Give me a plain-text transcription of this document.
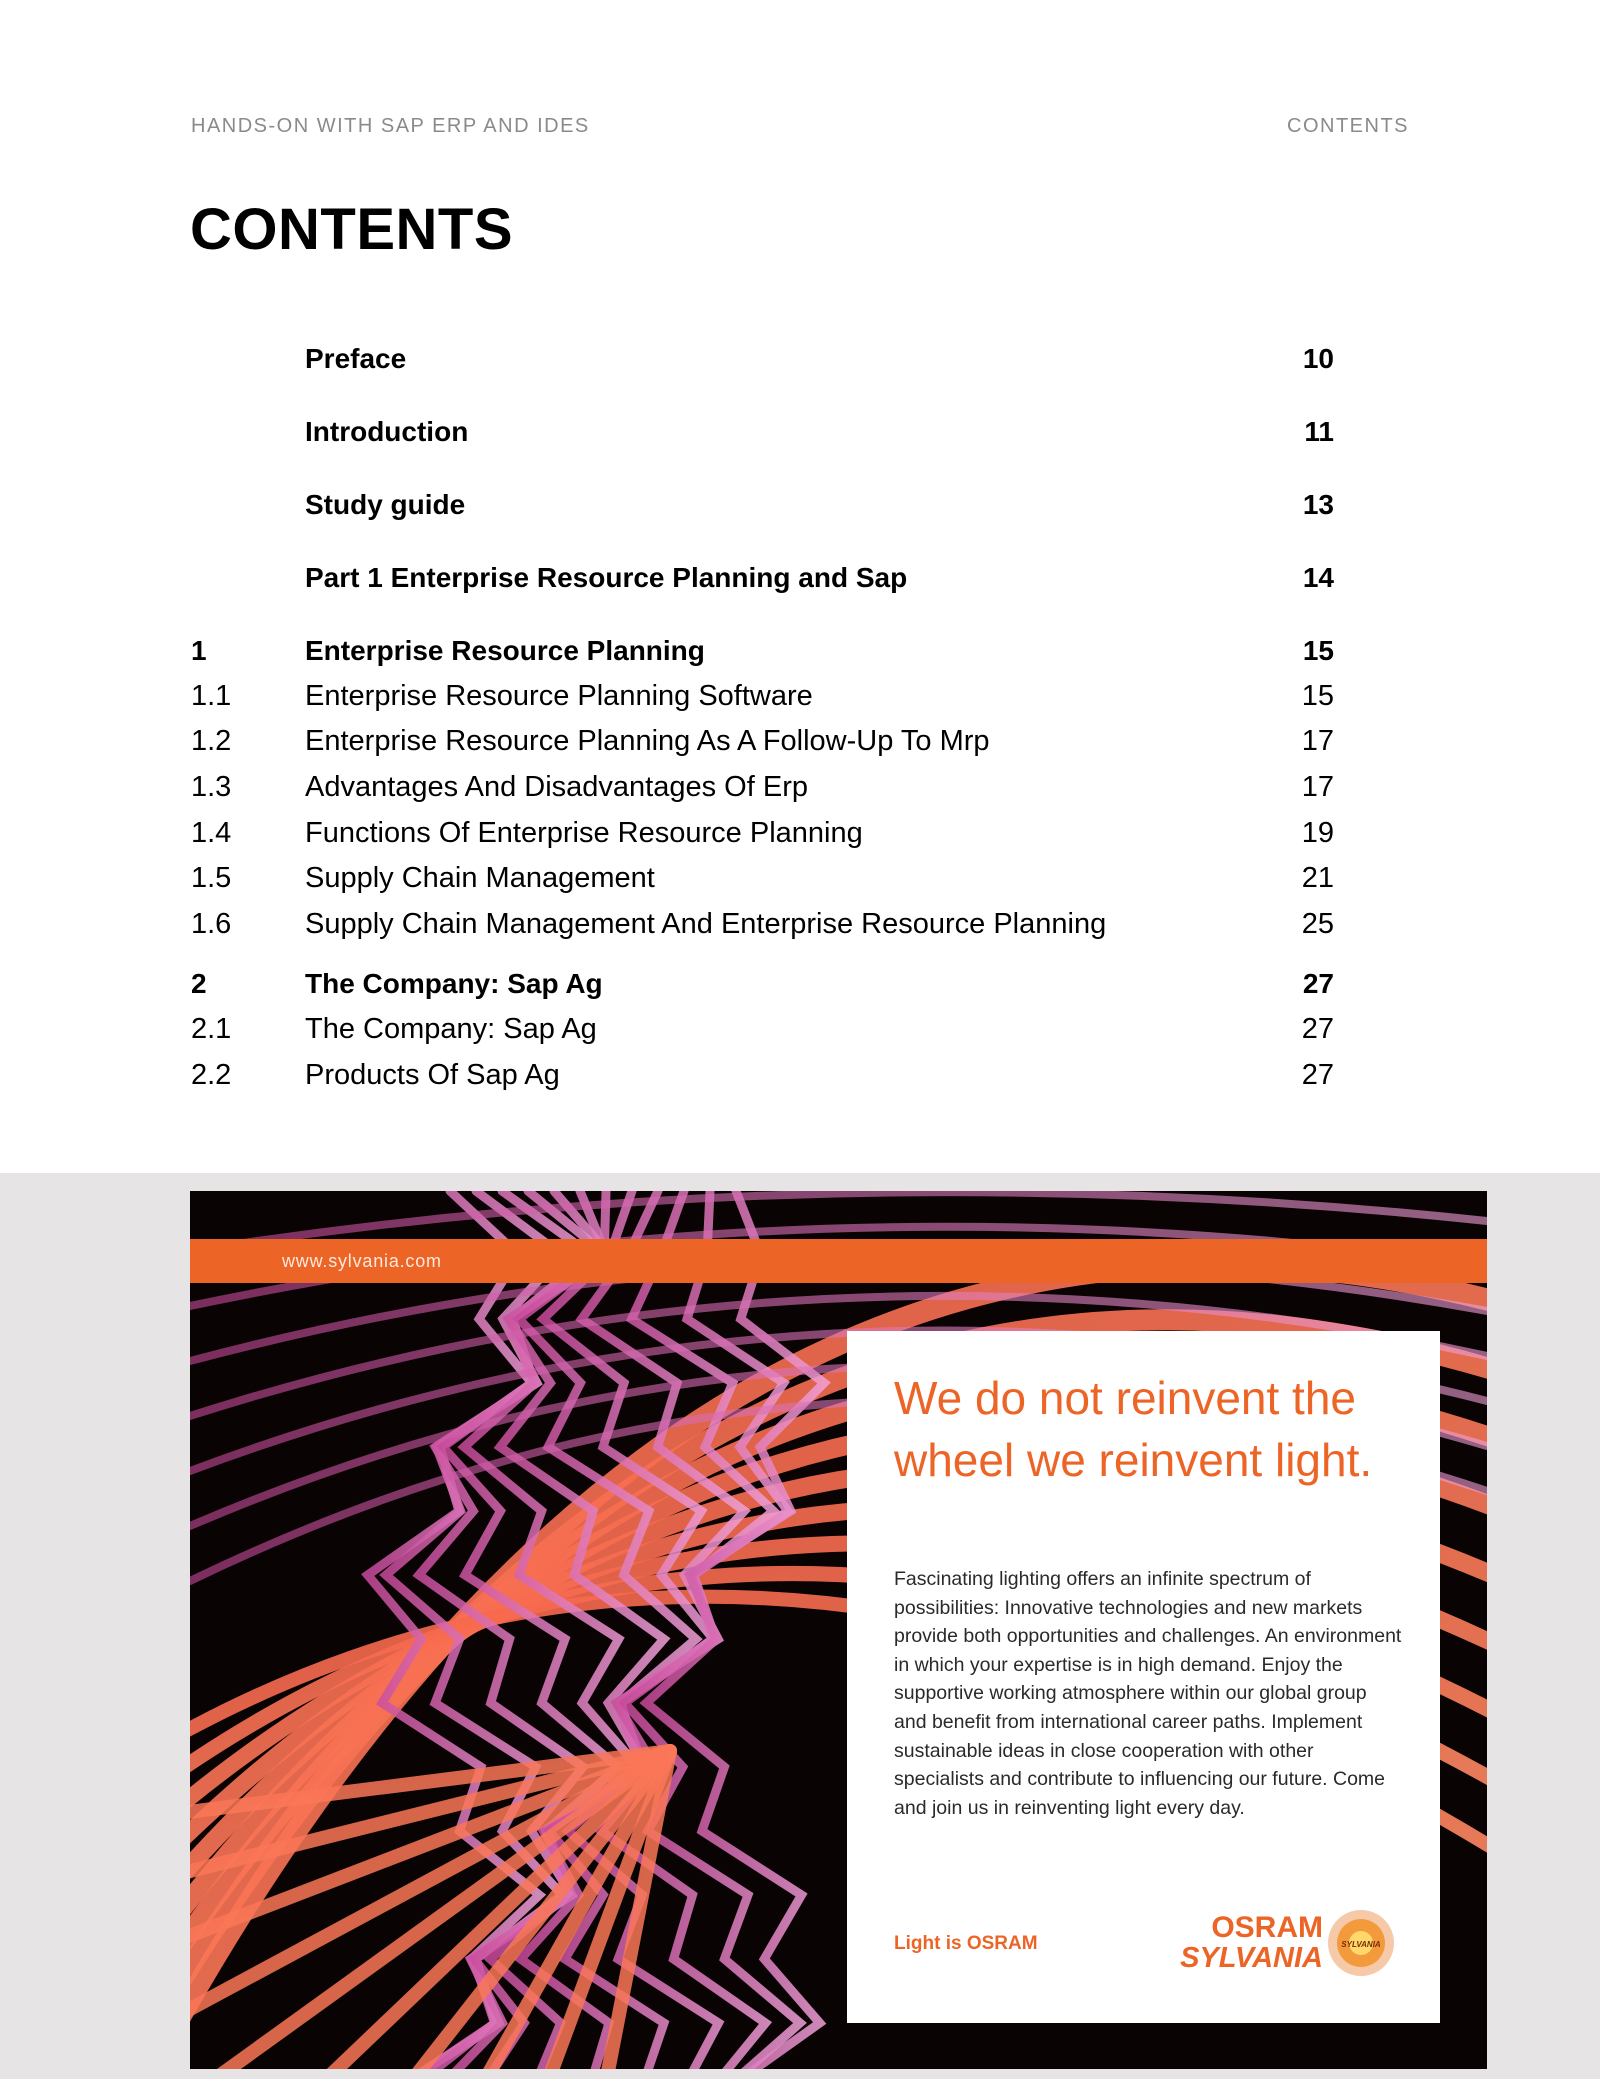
HANDS-ON WITH SAP ERP AND IDES	CONTENTS
CONTENTS
Preface	10
Introduction	11
Study guide	13
Part 1 Enterprise Resource Planning and Sap	14
1	Enterprise Resource Planning	15
1.1	Enterprise Resource Planning Software	15
1.2	Enterprise Resource Planning As A Follow-Up To Mrp	17
1.3	Advantages And Disadvantages Of Erp	17
1.4	Functions Of Enterprise Resource Planning	19
1.5	Supply Chain Management	21
1.6	Supply Chain Management And Enterprise Resource Planning	25
2	The Company: Sap Ag	27
2.1	The Company: Sap Ag	27
2.2	Products Of Sap Ag	27
www.sylvania.com
We do not reinvent the wheel we reinvent light.

Fascinating lighting offers an infinite spectrum of possibilities: Innovative technologies and new markets provide both opportunities and challenges. An environment in which your expertise is in high demand. Enjoy the supportive working atmosphere within our global group and benefit from international career paths. Implement sustainable ideas in close cooperation with other specialists and contribute to influencing our future. Come and join us in reinventing light every day.

Light is OSRAM	OSRAM
SYLVANIA SYLVANIA
